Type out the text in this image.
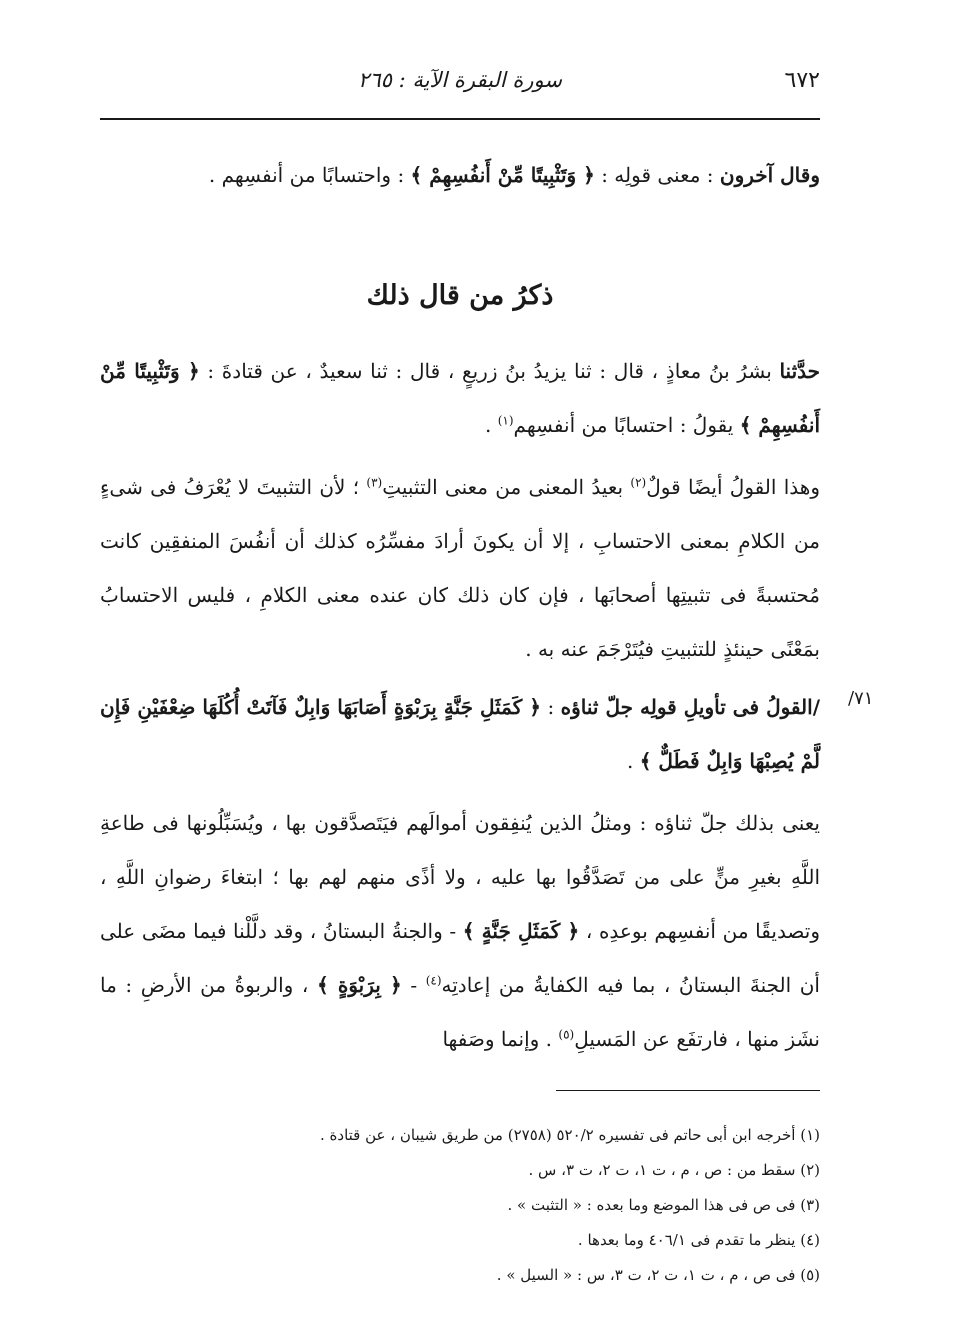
٦٧٢
سورة البقرة الآية : ٢٦٥
وقال آخرون : معنى قولِه : ﴿ وَتَثْبِيتًا مِّنْ أَنفُسِهِمْ ﴾ : واحتسابًا من أنفسِهم .
ذكرُ من قال ذلك
حدَّثنا بشرُ بنُ معاذٍ ، قال : ثنا يزيدُ بنُ زريعٍ ، قال : ثنا سعيدٌ ، عن قتادةَ : ﴿ وَتَثْبِيتًا مِّنْ أَنفُسِهِمْ ﴾ يقولُ : احتسابًا من أنفسِهم$^{(١)}$ .
وهذا القولُ أيضًا قولٌ$^{(٢)}$ بعيدُ المعنى من معنى التثبيتِ$^{(٣)}$ ؛ لأن التثبيتَ لا يُعْرَفُ فى شىءٍ من الكلامِ بمعنى الاحتسابِ ، إلا أن يكونَ أرادَ مفسِّرُه كذلك أن أنفُسَ المنفقِين كانت مُحتسبةً فى تثبيتِها أصحابَها ، فإن كان ذلك كان عنده معنى الكلامِ ، فليس الاحتسابُ بمَعْنًى حينئذٍ للتثبيتِ فيُتَرْجَمَ عنه به .
٧١/
/القولُ فى تأويلِ قولِه جلّ ثناؤه : ﴿ كَمَثَلِ جَنَّةٍ بِرَبْوَةٍ أَصَابَهَا وَابِلٌ فَآتَتْ أُكُلَهَا ضِعْفَيْنِ فَإِن لَّمْ يُصِبْهَا وَابِلٌ فَطَلٌّ ﴾ .
يعنى بذلك جلّ ثناؤه : ومثلُ الذين يُنفِقون أموالَهم فيَتَصدَّقون بها ، ويُسَبِّلُونها فى طاعةِ اللَّهِ بغيرِ منٍّ على من تَصَدَّقُوا بها عليه ، ولا أذًى منهم لهم بها ؛ ابتغاءَ رضوانِ اللَّهِ ، وتصديقًا من أنفسِهم بوعدِه ، ﴿ كَمَثَلِ جَنَّةٍ ﴾ - والجنةُ البستانُ ، وقد دلَّلْنا فيما مضَى على أن الجنةَ البستانُ ، بما فيه الكفايةُ من إعادتِه$^{(٤)}$ - ﴿ بِرَبْوَةٍ ﴾ ، والربوةُ من الأرضِ : ما نشَز منها ، فارتفَع عن المَسيلِ$^{(٥)}$ . وإنما وصَفها
(١) أخرجه ابن أبى حاتم فى تفسيره ٥٢٠/٢ (٢٧٥٨) من طريق شيبان ، عن قتادة .
(٢) سقط من : ص ، م ، ت ١، ت ٢، ت ٣، س .
(٣) فى ص فى هذا الموضع وما بعده : « التثبت » .
(٤) ينظر ما تقدم فى ٤٠٦/١ وما بعدها .
(٥) فى ص ، م ، ت ١، ت ٢، ت ٣، س : « السيل » .
